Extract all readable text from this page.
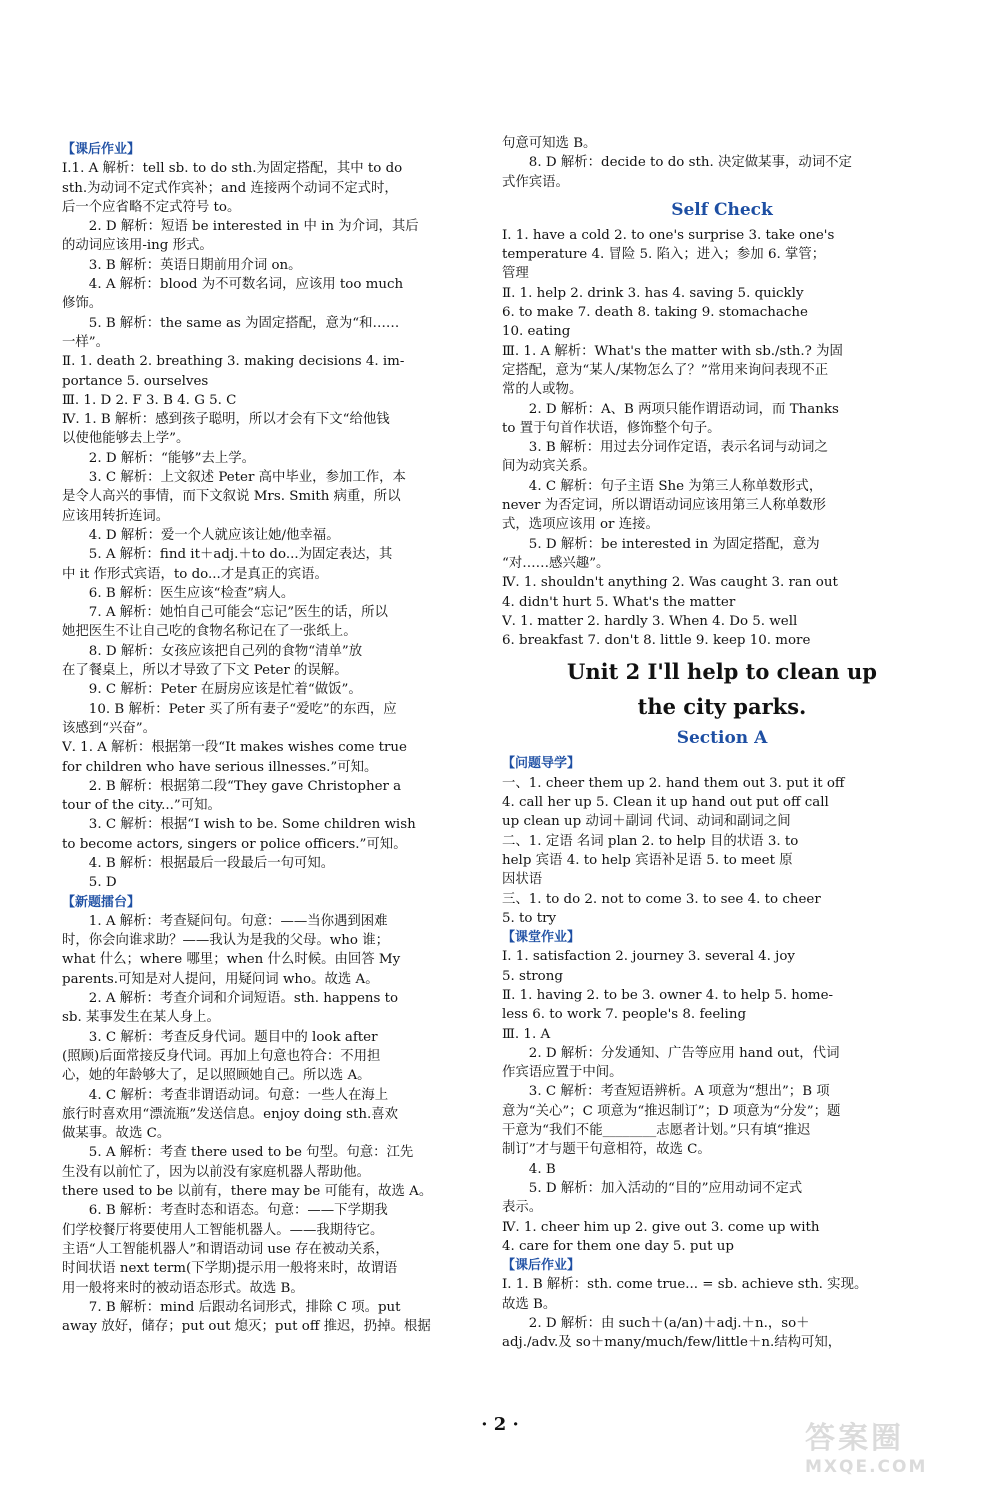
【课后作业】
Ⅰ.1. A 解析：tell sb. to do sth.为固定搭配，其中 to do
sth.为动词不定式作宾补；and 连接两个动词不定式时，
后一个应省略不定式符号 to。
2. D 解析：短语 be interested in 中 in 为介词，其后
的动词应该用-ing 形式。
3. B 解析：英语日期前用介词 on。
4. A 解析：blood 为不可数名词，应该用 too much
修饰。
5. B 解析：the same as 为固定搭配，意为“和……
一样”。
Ⅱ. 1. death 2. breathing 3. making decisions 4. im-
portance 5. ourselves
Ⅲ. 1. D 2. F 3. B 4. G 5. C
Ⅳ. 1. B 解析：感到孩子聪明，所以才会有下文“给他钱
以使他能够去上学”。
2. D 解析：“能够”去上学。
3. C 解析：上文叙述 Peter 高中毕业，参加工作，本
是令人高兴的事情，而下文叙说 Mrs. Smith 病重，所以
应该用转折连词。
4. D 解析：爱一个人就应该让她/他幸福。
5. A 解析：find it＋adj.＋to do...为固定表达，其
中 it 作形式宾语，to do...才是真正的宾语。
6. B 解析：医生应该“检查”病人。
7. A 解析：她怕自己可能会“忘记”医生的话，所以
她把医生不让自己吃的食物名称记在了一张纸上。
8. D 解析：女孩应该把自己列的食物“清单”放
在了餐桌上，所以才导致了下文 Peter 的误解。
9. C 解析：Peter 在厨房应该是忙着“做饭”。
10. B 解析：Peter 买了所有妻子“爱吃”的东西，应
该感到“兴奋”。
Ⅴ. 1. A 解析：根据第一段“It makes wishes come true
for children who have serious illnesses.”可知。
2. B 解析：根据第二段“They gave Christopher a
tour of the city...”可知。
3. C 解析：根据“I wish to be. Some children wish
to become actors, singers or police officers.”可知。
4. B 解析：根据最后一段最后一句可知。
5. D
【新题擂台】
1. A 解析：考查疑问句。句意：——当你遇到困难
时，你会向谁求助？——我认为是我的父母。who 谁；
what 什么；where 哪里；when 什么时候。由回答 My
parents.可知是对人提问，用疑问词 who。故选 A。
2. A 解析：考查介词和介词短语。sth. happens to
sb. 某事发生在某人身上。
3. C 解析：考查反身代词。题目中的 look after
(照顾)后面常接反身代词。再加上句意也符合：不用担
心，她的年龄够大了，足以照顾她自己。所以选 A。
4. C 解析：考查非谓语动词。句意：一些人在海上
旅行时喜欢用“漂流瓶”发送信息。enjoy doing sth.喜欢
做某事。故选 C。
5. A 解析：考查 there used to be 句型。句意：江先
生没有以前忙了，因为以前没有家庭机器人帮助他。
there used to be 以前有，there may be 可能有，故选 A。
6. B 解析：考查时态和语态。句意：——下学期我
们学校餐厅将要使用人工智能机器人。——我期待它。
主语“人工智能机器人”和谓语动词 use 存在被动关系，
时间状语 next term(下学期)提示用一般将来时，故谓语
用一般将来时的被动语态形式。故选 B。
7. B 解析：mind 后跟动名词形式，排除 C 项。put
away 放好，储存；put out 熄灭；put off 推迟，扔掉。根据
句意可知选 B。
8. D 解析：decide to do sth. 决定做某事，动词不定
式作宾语。
Self Check
Ⅰ. 1. have a cold 2. to one's surprise 3. take one's
temperature 4. 冒险 5. 陷入；进入；参加 6. 掌管；
管理
Ⅱ. 1. help 2. drink 3. has 4. saving 5. quickly
6. to make 7. death 8. taking 9. stomachache
10. eating
Ⅲ. 1. A 解析：What's the matter with sb./sth.? 为固
定搭配，意为“某人/某物怎么了？”常用来询问表现不正
常的人或物。
2. D 解析：A、B 两项只能作谓语动词，而 Thanks
to 置于句首作状语，修饰整个句子。
3. B 解析：用过去分词作定语，表示名词与动词之
间为动宾关系。
4. C 解析：句子主语 She 为第三人称单数形式，
never 为否定词，所以谓语动词应该用第三人称单数形
式，选项应该用 or 连接。
5. D 解析：be interested in 为固定搭配，意为
“对……感兴趣”。
Ⅳ. 1. shouldn't anything 2. Was caught 3. ran out
4. didn't hurt 5. What's the matter
Ⅴ. 1. matter 2. hardly 3. When 4. Do 5. well
6. breakfast 7. don't 8. little 9. keep 10. more
Unit 2 I'll help to clean up
the city parks.
Section A
【问题导学】
一、1. cheer them up 2. hand them out 3. put it off
4. call her up 5. Clean it up hand out put off call
up clean up 动词＋副词 代词、动词和副词之间
二、1. 定语 名词 plan 2. to help 目的状语 3. to
help 宾语 4. to help 宾语补足语 5. to meet 原
因状语
三、1. to do 2. not to come 3. to see 4. to cheer
5. to try
【课堂作业】
Ⅰ. 1. satisfaction 2. journey 3. several 4. joy
5. strong
Ⅱ. 1. having 2. to be 3. owner 4. to help 5. home-
less 6. to work 7. people's 8. feeling
Ⅲ. 1. A
2. D 解析：分发通知、广告等应用 hand out，代词
作宾语应置于中间。
3. C 解析：考查短语辨析。A 项意为“想出”；B 项
意为“关心”；C 项意为“推迟制订”；D 项意为“分发”；题
干意为“我们不能________志愿者计划。”只有填“推迟
制订”才与题干句意相符，故选 C。
4. B
5. D 解析：加入活动的“目的”应用动词不定式
表示。
Ⅳ. 1. cheer him up 2. give out 3. come up with
4. care for them one day 5. put up
【课后作业】
Ⅰ. 1. B 解析：sth. come true... = sb. achieve sth. 实现。
故选 B。
2. D 解析：由 such＋(a/an)＋adj.＋n.，so＋
adj./adv.及 so＋many/much/few/little＋n.结构可知，
· 2 ·	答案圈
MXQE.COM
